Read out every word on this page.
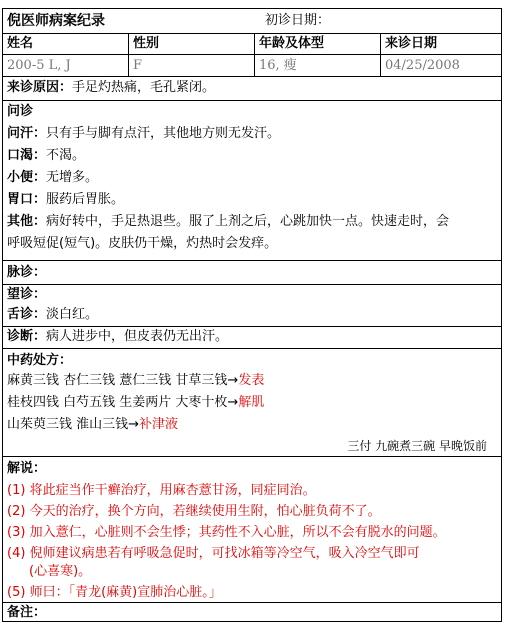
倪医师病案纪录	初诊日期：
姓名	性别	年龄及体型	来诊日期
200-5 L, J	F	16, 瘦	04/25/2008
来诊原因：手足灼热痛，毛孔紧闭。
问诊
问汗：只有手与脚有点汗，其他地方则无发汗。
口渴：不渴。
小便：无增多。
胃口：服药后胃胀。
其他：病好转中，手足热退些。服了上剂之后，心跳加快一点。快速走时，会
呼吸短促(短气)。皮肤仍干燥，灼热时会发痒。
脉诊：
望诊：
舌诊：淡白红。
诊断：病人进步中，但皮表仍无出汗。
中药处方：
麻黄三钱 杏仁三钱 薏仁三钱 甘草三钱→发表
桂枝四钱 白芍五钱 生姜两片 大枣十枚→解肌
山茱萸三钱 淮山三钱→补津液
三付 九碗煮三碗 早晚饭前
解说：
(1) 将此症当作干癣治疗，用麻杏薏甘汤，同症同治。
(2) 今天的治疗，换个方向，若继续使用生附，怕心脏负荷不了。
(3) 加入薏仁，心脏则不会生悸；其药性不入心脏，所以不会有脱水的问题。
(4) 倪师建议病患若有呼吸急促时，可找冰箱等冷空气，吸入冷空气即可
(心喜寒)。
(5) 师曰：「青龙(麻黄)宣肺治心脏。」
备注：
